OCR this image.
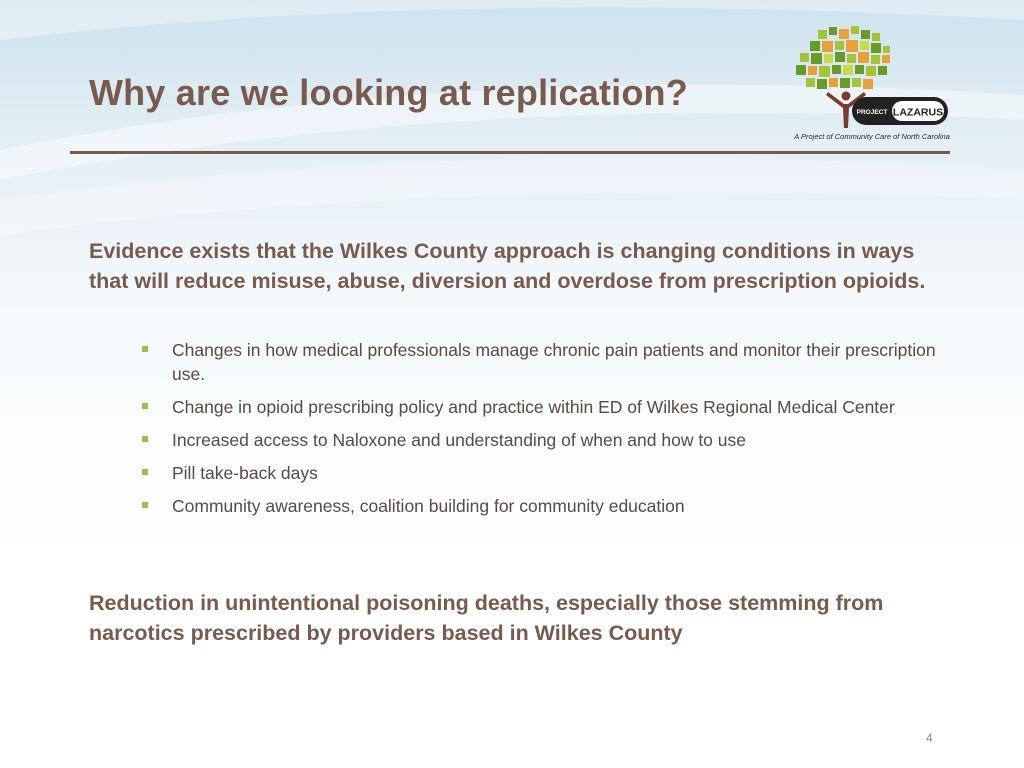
Why are we looking at replication?	PROJECT LAZARUS
A Project of Community Care of North Carolina

Evidence exists that the Wilkes County approach is changing conditions in ways that will reduce misuse, abuse, diversion and overdose from prescription opioids.

Changes in how medical professionals manage chronic pain patients and monitor their prescription use.
Change in opioid prescribing policy and practice within ED of Wilkes Regional Medical Center
Increased access to Naloxone and understanding of when and how to use
Pill take-back days
Community awareness, coalition building for community education

Reduction in unintentional poisoning deaths, especially those stemming from narcotics prescribed by providers based in Wilkes County

4
